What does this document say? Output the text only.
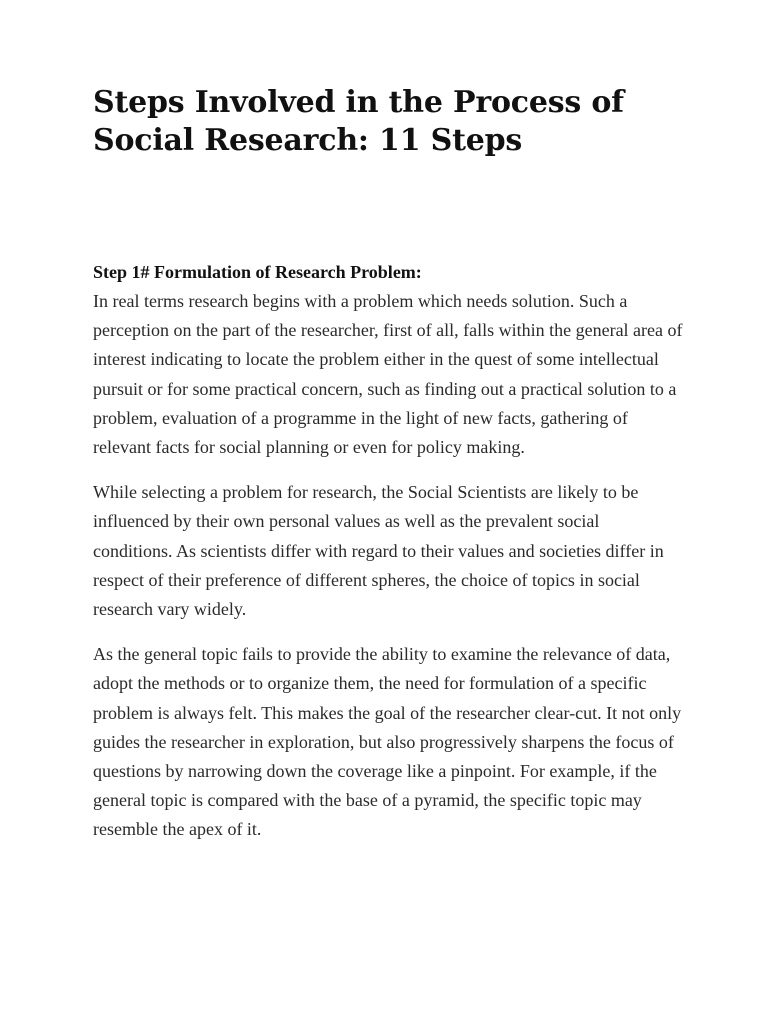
Steps Involved in the Process of Social Research: 11 Steps
Step 1# Formulation of Research Problem:

In real terms research begins with a problem which needs solution. Such a perception on the part of the researcher, first of all, falls within the general area of interest indicating to locate the problem either in the quest of some intellectual pursuit or for some practical concern, such as finding out a practical solution to a problem, evaluation of a programme in the light of new facts, gathering of relevant facts for social planning or even for policy making.

While selecting a problem for research, the Social Scientists are likely to be influenced by their own personal values as well as the prevalent social conditions. As scientists differ with regard to their values and societies differ in respect of their preference of different spheres, the choice of topics in social research vary widely.

As the general topic fails to provide the ability to examine the relevance of data, adopt the methods or to organize them, the need for formulation of a specific problem is always felt. This makes the goal of the researcher clear-cut. It not only guides the researcher in exploration, but also progressively sharpens the focus of questions by narrowing down the coverage like a pinpoint. For example, if the general topic is compared with the base of a pyramid, the specific topic may resemble the apex of it.
